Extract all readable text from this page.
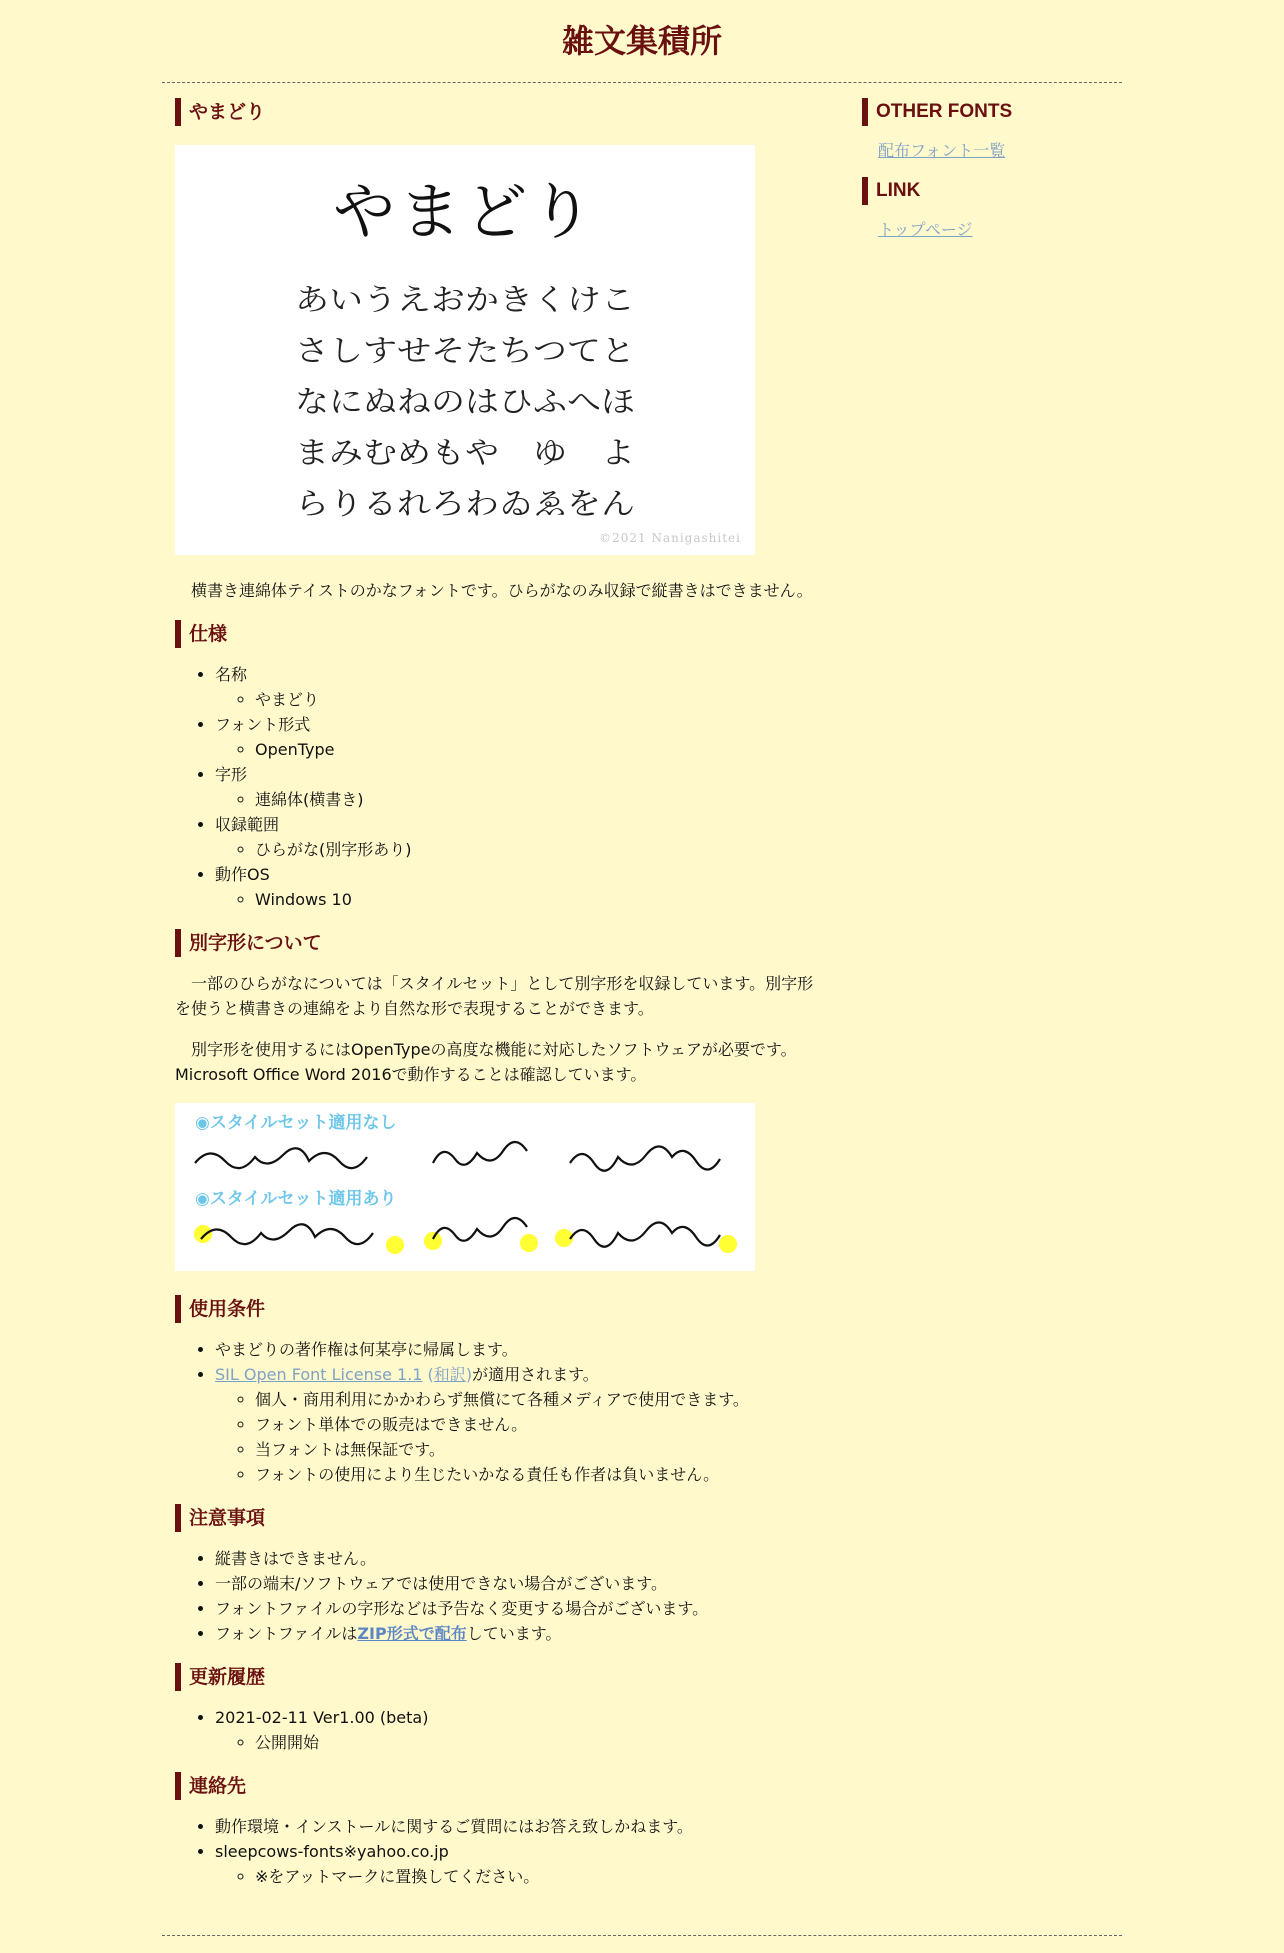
雑文集積所
やまどり
やまどり
あいうえおかきくけこ
さしすせそたちつてと
なにぬねのはひふへほ
まみむめもや　ゆ　よ
らりるれろわゐゑをん
©2021 Nanigashitei

横書き連綿体テイストのかなフォントです。ひらがなのみ収録で縦書きはできません。

仕様
• 名称
◦ やまどり
• フォント形式
◦ OpenType
• 字形
◦ 連綿体(横書き)
• 収録範囲
◦ ひらがな(別字形あり)
• 動作OS
◦ Windows 10
別字形について

一部のひらがなについては「スタイルセット」として別字形を収録しています。別字形を使うと横書きの連綿をより自然な形で表現することができます。

別字形を使用するにはOpenTypeの高度な機能に対応したソフトウェアが必要です。Microsoft Office Word 2016で動作することは確認しています。

◉スタイルセット適用なし
◉スタイルセット適用あり
使用条件
• やまどりの著作権は何某亭に帰属します。
• SIL Open Font License 1.1 (和訳)が適用されます。
◦ 個人・商用利用にかかわらず無償にて各種メディアで使用できます。
◦ フォント単体での販売はできません。
◦ 当フォントは無保証です。
◦ フォントの使用により生じたいかなる責任も作者は負いません。
注意事項
• 縦書きはできません。
• 一部の端末/ソフトウェアでは使用できない場合がございます。
• フォントファイルの字形などは予告なく変更する場合がございます。
• フォントファイルはZIP形式で配布しています。
更新履歴
• 2021-02-11 Ver1.00 (beta)
◦ 公開開始
連絡先
• 動作環境・インストールに関するご質問にはお答え致しかねます。
• sleepcows-fonts※yahoo.co.jp
◦ ※をアットマークに置換してください。
OTHER FONTS
配布フォント一覧
LINK
トップページ
